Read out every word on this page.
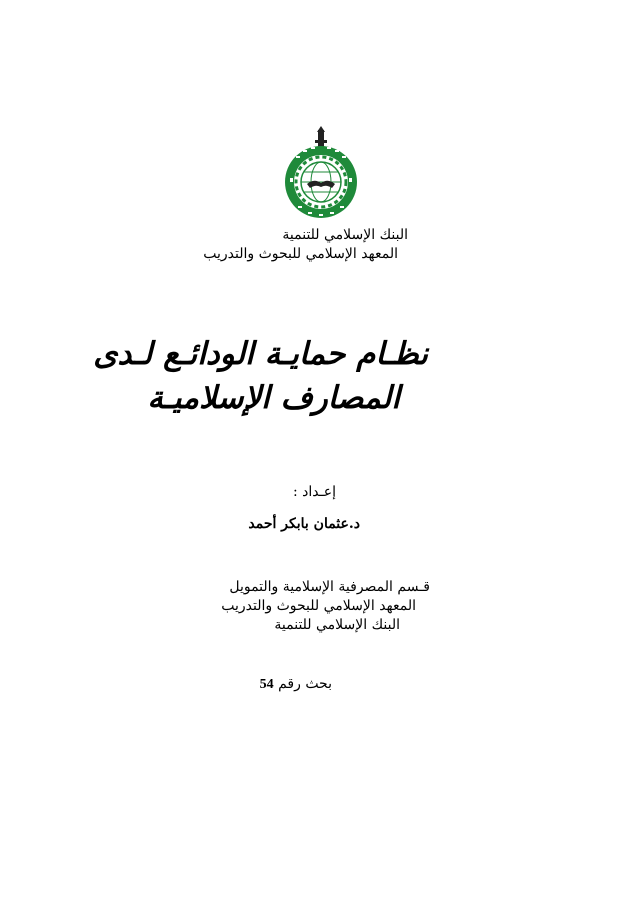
البنك الإسلامي للتنمية
المعهد الإسلامي للبحوث والتدريب
نظـام حمايـة الودائـع لـدى
المصارف الإسلاميـة
إعـداد :
د.عثمان بابكر أحمد
قـسم المصرفية الإسلامية والتمويل
المعهد الإسلامي للبحوث والتدريب
البنك الإسلامي للتنمية
بحث رقم 54
